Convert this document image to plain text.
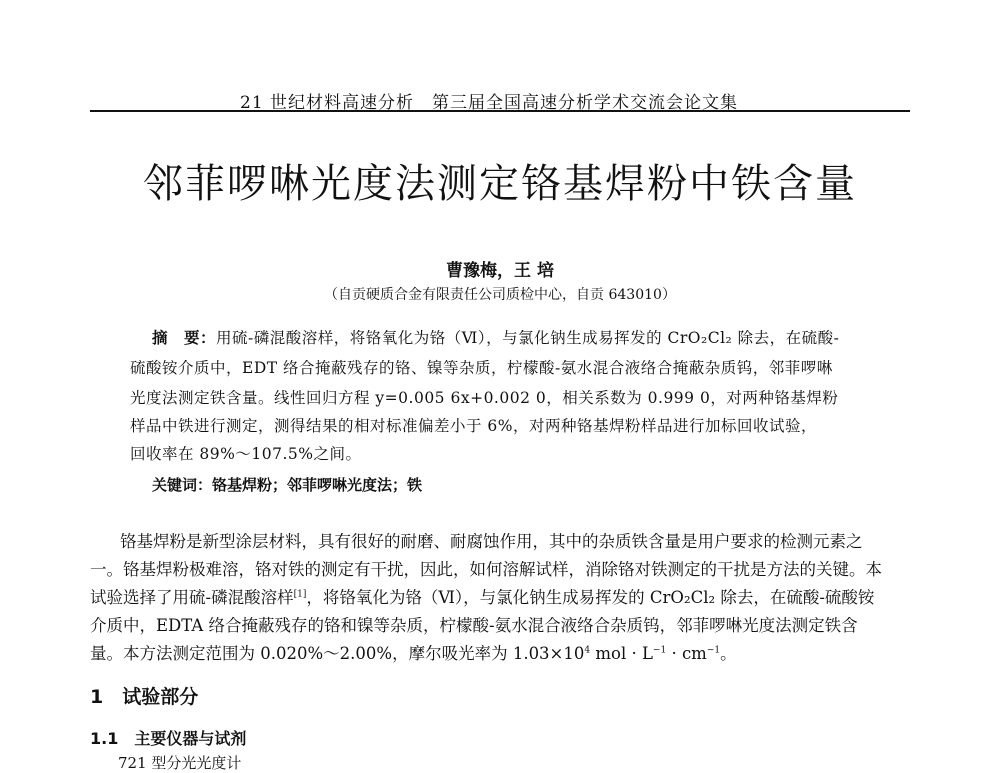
21 世纪材料高速分析　第三届全国高速分析学术交流会论文集
邻菲啰啉光度法测定铬基焊粉中铁含量
曹豫梅，王 培
（自贡硬质合金有限责任公司质检中心，自贡 643010）
摘　要：用硫-磷混酸溶样，将铬氧化为铬（Ⅵ），与氯化钠生成易挥发的 CrO₂Cl₂ 除去，在硫酸-
硫酸铵介质中，EDT 络合掩蔽残存的铬、镍等杂质，柠檬酸-氨水混合液络合掩蔽杂质钨，邻菲啰啉
光度法测定铁含量。线性回归方程 y=0.005 6x+0.002 0，相关系数为 0.999 0，对两种铬基焊粉
样品中铁进行测定，测得结果的相对标准偏差小于 6%，对两种铬基焊粉样品进行加标回收试验，
回收率在 89%～107.5%之间。
关键词：铬基焊粉；邻菲啰啉光度法；铁
铬基焊粉是新型涂层材料，具有很好的耐磨、耐腐蚀作用，其中的杂质铁含量是用户要求的检测元素之
一。铬基焊粉极难溶，铬对铁的测定有干扰，因此，如何溶解试样，消除铬对铁测定的干扰是方法的关键。本
试验选择了用硫-磷混酸溶样[1]，将铬氧化为铬（Ⅵ），与氯化钠生成易挥发的 CrO₂Cl₂ 除去，在硫酸-硫酸铵
介质中，EDTA 络合掩蔽残存的铬和镍等杂质，柠檬酸-氨水混合液络合杂质钨，邻菲啰啉光度法测定铁含
量。本方法测定范围为 0.020%～2.00%，摩尔吸光率为 $1.03\times 10^4$ mol · $L^{-1} \cdot cm^{-1}$。
1　试验部分
1.1　主要仪器与试剂
721 型分光光度计
